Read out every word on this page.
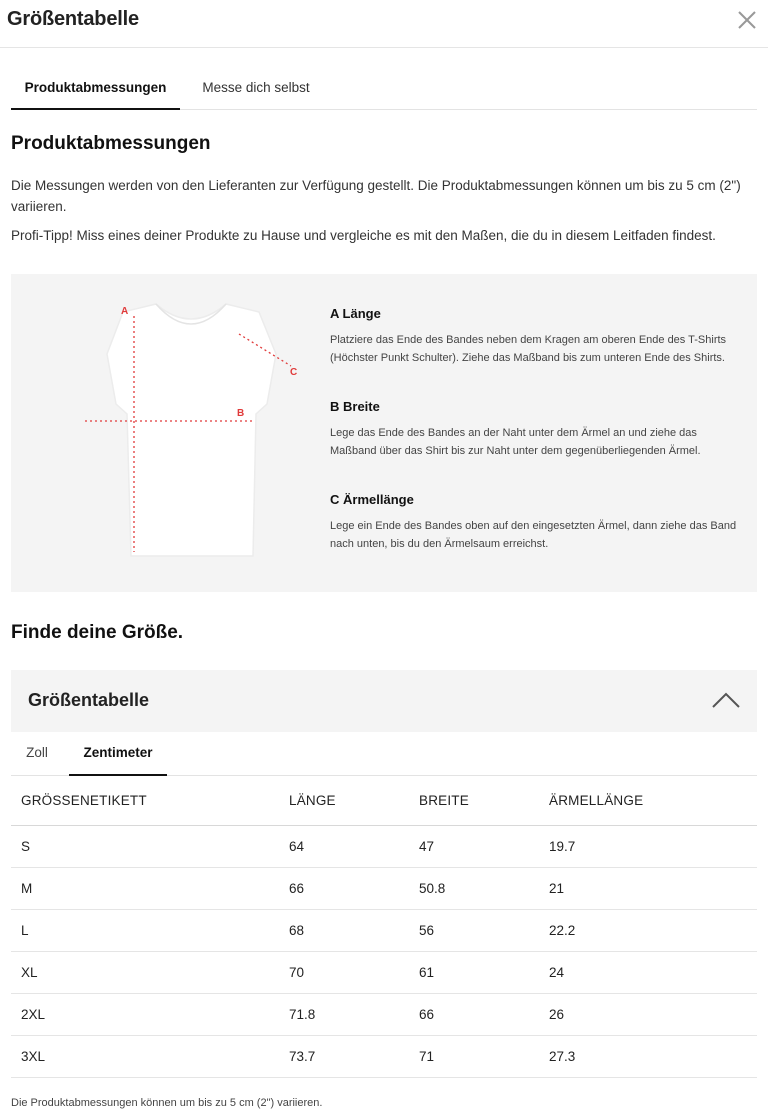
Größentabelle
Produktabmessungen	Messe dich selbst
Produktabmessungen
Die Messungen werden von den Lieferanten zur Verfügung gestellt. Die Produktabmessungen können um bis zu 5 cm (2") variieren.
Profi-Tipp! Miss eines deiner Produkte zu Hause und vergleiche es mit den Maßen, die du in diesem Leitfaden findest.
A
B
C
A Länge
Platziere das Ende des Bandes neben dem Kragen am oberen Ende des T-Shirts (Höchster Punkt Schulter). Ziehe das Maßband bis zum unteren Ende des Shirts.
B Breite
Lege das Ende des Bandes an der Naht unter dem Ärmel an und ziehe das Maßband über das Shirt bis zur Naht unter dem gegenüberliegenden Ärmel.
C Ärmellänge
Lege ein Ende des Bandes oben auf den eingesetzten Ärmel, dann ziehe das Band nach unten, bis du den Ärmelsaum erreichst.
Finde deine Größe.
Größentabelle
Zoll	Zentimeter
GRÖSSENETIKETT	LÄNGE	BREITE	ÄRMELLÄNGE
S	64	47	19.7
M	66	50.8	21
L	68	56	22.2
XL	70	61	24
2XL	71.8	66	26
3XL	73.7	71	27.3
Die Produktabmessungen können um bis zu 5 cm (2") variieren.
